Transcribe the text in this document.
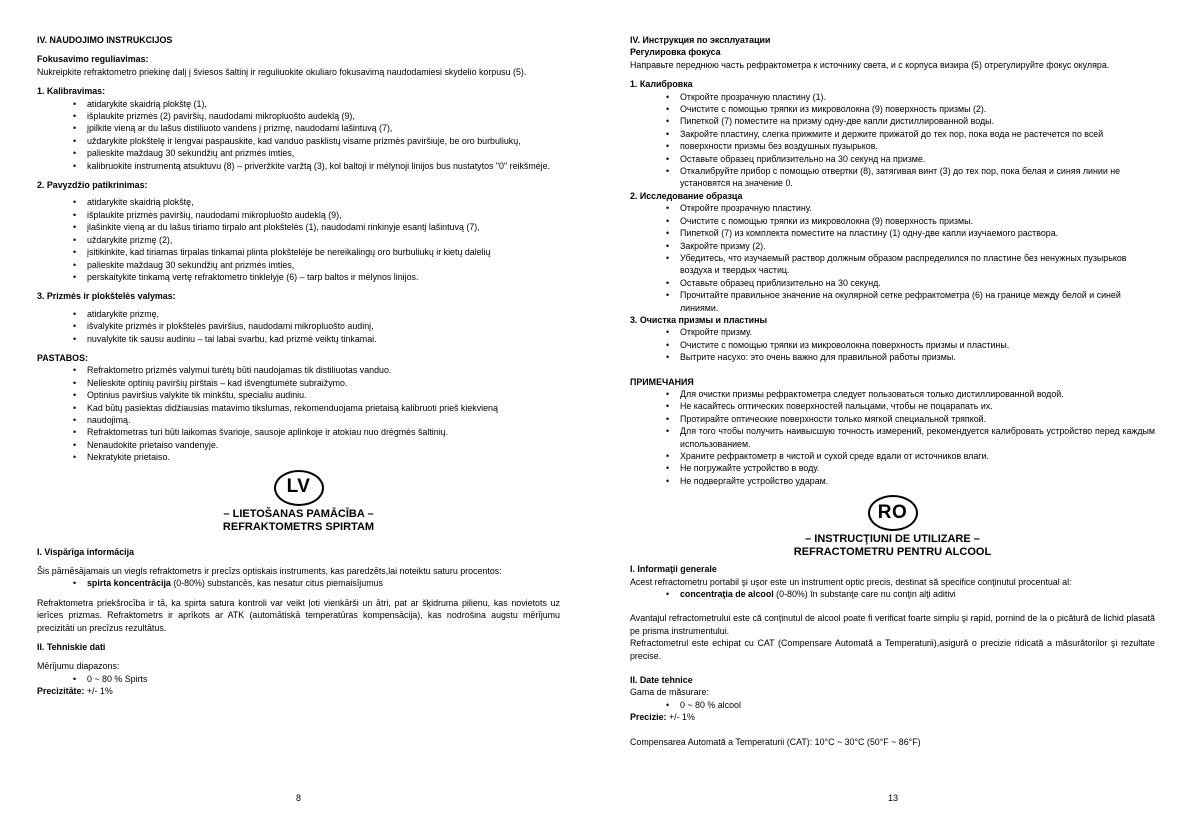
IV. NAUDOJIMO INSTRUKCIJOS

Fokusavimo reguliavimas:

Nukreipkite refraktometro priekinę dalį į šviesos šaltinį ir reguliuokite okuliaro fokusavimą naudodamiesi skydelio korpusu (5).

1. Kalibravimas:

• atidarykite skaidrią plokštę (1),
• išplaukite prizmės (2) paviršių, naudodami mikropluošto audeklą (9),
• įpilkite vieną ar du lašus distiliuoto vandens į prizmę, naudodami lašintuvą (7),
• uždarykite plokštelę ir lengvai paspauskite, kad vanduo pasklistų visame prizmės paviršiuje, be oro burbuliukų,
• palieskite maždaug 30 sekundžių ant prizmės imties,
• kalibruokite instrumentą atsuktuvu (8) – priveržkite varžtą (3), kol baltoji ir mėlynoji linijos bus nustatytos "0" reikšmėje.

2. Pavyzdžio patikrinimas:

• atidarykite skaidrią plokštę,
• išplaukite prizmės paviršių, naudodami mikropluošto audeklą (9),
• įlašinkite vieną ar du lašus tiriamo tirpalo ant plokštelės (1), naudodami rinkinyje esantį lašintuvą (7),
• uždarykite prizmę (2),
• įsitikinkite, kad tiriamas tirpalas tinkamai plinta plokštelėje be nereikalingų oro burbuliukų ir kietų dalelių
• palieskite maždaug 30 sekundžių ant prizmės imties,
• perskaitykite tinkamą vertę refraktometro tinklelyje (6) – tarp baltos ir mėlynos linijos.

3. Prizmės ir plokštelės valymas:

• atidarykite prizmę,
• išvalykite prizmės ir plokštelės paviršius, naudodami mikropluošto audinį,
• nuvalykite tik sausu audiniu – tai labai svarbu, kad prizmė veiktų tinkamai.

PASTABOS:

• Refraktometro prizmės valymui turėtų būti naudojamas tik distiliuotas vanduo.
• Nelieskite optinių paviršių pirštais – kad išvengtumėte subraižymo.
• Optinius paviršius valykite tik minkštu, specialiu audiniu.
• Kad būtų pasiektas didžiausias matavimo tikslumas, rekomenduojama prietaisą kalibruoti prieš kiekvieną
• naudojimą.
• Refraktometras turi būti laikomas švarioje, sausoje aplinkoje ir atokiau nuo drėgmės šaltinių.
• Nenaudokite prietaiso vandenyje.
• Nekratykite prietaiso.
LV

– LIETOŠANAS PAMĀCĪBA –

REFRAKTOMETRS SPIRTAM

I. Vispārīga informācija

Šis pārnēsājamais un viegls refraktometrs ir precīzs optiskais instruments, kas paredzēts,lai noteiktu saturu procentos:

• spirta koncentrācija (0-80%) substancēs, kas nesatur citus piemaisījumus

Refraktometra priekšrocība ir tā, ka spirta satura kontroli var veikt ļoti vienkārši un ātri, pat ar šķidruma pilienu, kas novietots uz ierīces prizmas. Refraktometrs ir aprīkots ar ATK (automātiskā temperatūras kompensācija), kas nodrošina augstu mērījumu precizitāti un precīzus rezultātus.

II. Tehniskie dati

Mērījumu diapazons:

• 0 ~ 80 % Spirts

Precizitāte: +/- 1%

8

IV. Инструкция по эксплуатации

Регулировка фокуса

Направьте переднюю часть рефрактометра к источнику света, и с корпуса визира (5) отрегулируйте фокус окуляра.

1. Калибровка

• Откройте прозрачную пластину (1).
• Очистите с помощью тряпки из микроволокна (9) поверхность призмы (2).
• Пипеткой (7) поместите на призму одну-две капли дистиллированной воды.
• Закройте пластину, слегка прижмите и держите прижатой до тех пор, пока вода не растечется по всей
• поверхности призмы без воздушных пузырьков.
• Оставьте образец приблизительно на 30 секунд на призме.
• Откалибруйте прибор с помощью отвертки (8), затягивая винт (3) до тех пор, пока белая и синяя линии не установятся на значение 0.

2. Исследование образца

• Откройте прозрачную пластину.
• Очистите с помощью тряпки из микроволокна (9) поверхность призмы.
• Пипеткой (7) из комплекта поместите на пластину (1) одну-две капли изучаемого раствора.
• Закройте призму (2).
• Убедитесь, что изучаемый раствор должным образом распределился по пластине без ненужных пузырьков воздуха и твердых частиц.
• Оставьте образец приблизительно на 30 секунд.
• Прочитайте правильное значение на окулярной сетке рефрактометра (6) на границе между белой и синей линиями.

3. Очистка призмы и пластины

• Откройте призму.
• Очистите с помощью тряпки из микроволокна поверхность призмы и пластины.
• Вытрите насухо: это очень важно для правильной работы призмы.

ПРИМЕЧАНИЯ

• Для очистки призмы рефрактометра следует пользоваться только дистиллированной водой.
• Не касайтесь оптических поверхностей пальцами, чтобы не поцарапать их.
• Протирайте оптические поверхности только мягкой специальной тряпкой.
• Для того чтобы получить наивысшую точность измерений, рекомендуется калибровать устройство перед каждым использованием.
• Храните рефрактометр в чистой и сухой среде вдали от источников влаги.
• Не погружайте устройство в воду.
• Не подвергайте устройство ударам.
RO

– INSTRUCŢIUNI DE UTILIZARE –

REFRACTOMETRU PENTRU ALCOOL

I. Informaţii generale

Acest refractometru portabil şi uşor este un instrument optic precis, destinat să specifice conţinutul procentual al:

• concentraţia de alcool (0-80%) în substanţe care nu conţin alţi aditivi

Avantajul refractometrului este că conţinutul de alcool poate fi verificat foarte simplu şi rapid, pornind de la o picătură de lichid plasată pe prisma instrumentului.

Refractometrul este echipat cu CAT (Compensare Automată a Temperaturii),asigură o precizie ridicată a măsurătorilor şi rezultate precise.

II. Date tehnice

Gama de măsurare:

• 0 ~ 80 % alcool

Precizie: +/- 1%

Compensarea Automată a Temperaturii (CAT): 10°C ~ 30°C (50°F ~ 86°F)

13
